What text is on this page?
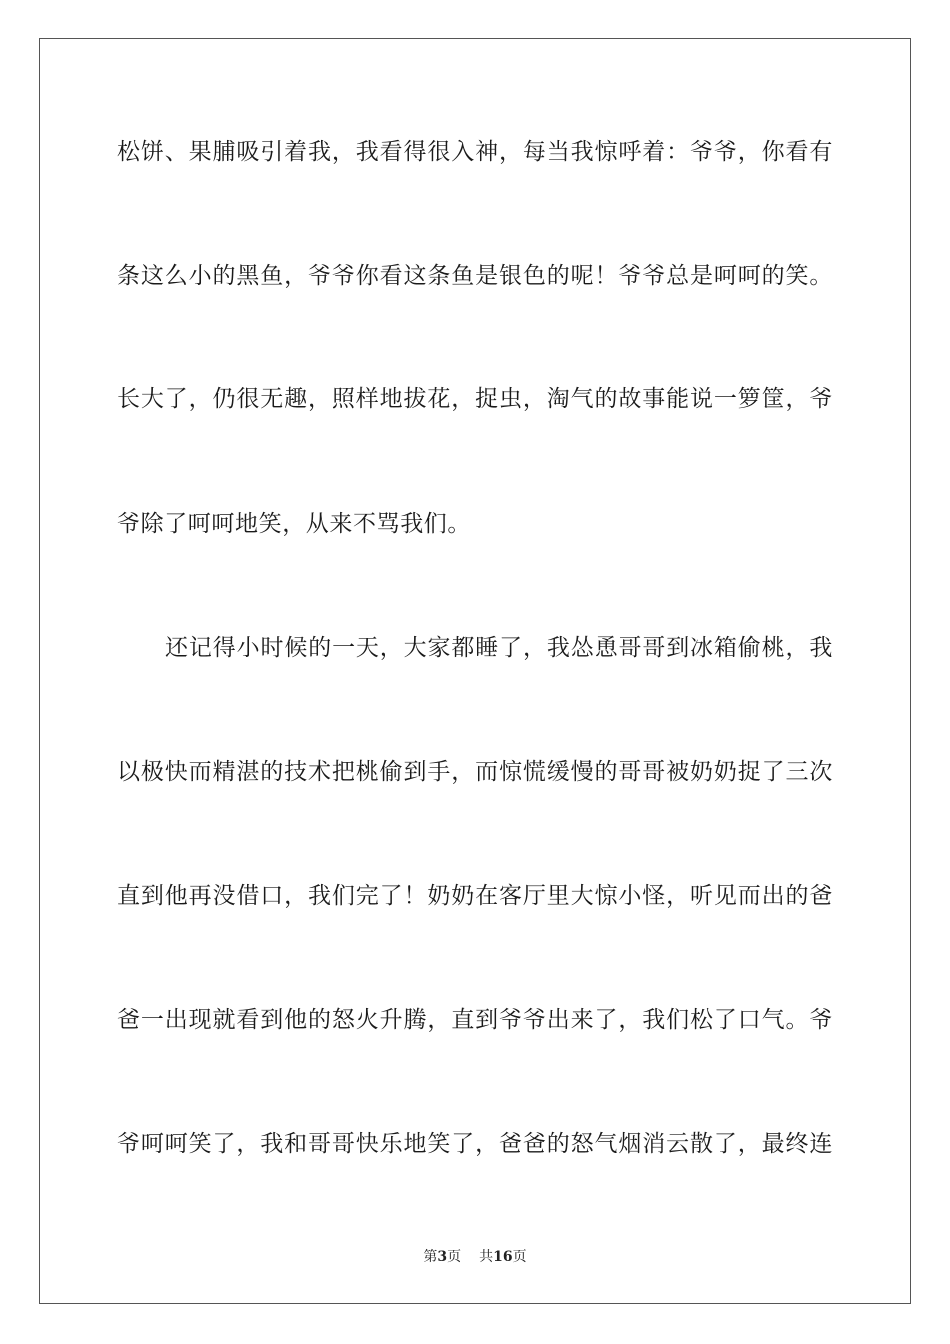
松饼、果脯吸引着我，我看得很入神，每当我惊呼着：爷爷，你看有
条这么小的黑鱼，爷爷你看这条鱼是银色的呢！爷爷总是呵呵的笑。
长大了，仍很无趣，照样地拔花，捉虫，淘气的故事能说一箩筐，爷
爷除了呵呵地笑，从来不骂我们。
还记得小时候的一天，大家都睡了，我怂恿哥哥到冰箱偷桃，我
以极快而精湛的技术把桃偷到手，而惊慌缓慢的哥哥被奶奶捉了三次
直到他再没借口，我们完了！奶奶在客厅里大惊小怪，听见而出的爸
爸一出现就看到他的怒火升腾，直到爷爷出来了，我们松了口气。爷
爷呵呵笑了，我和哥哥快乐地笑了，爸爸的怒气烟消云散了，最终连
第3页 共16页
